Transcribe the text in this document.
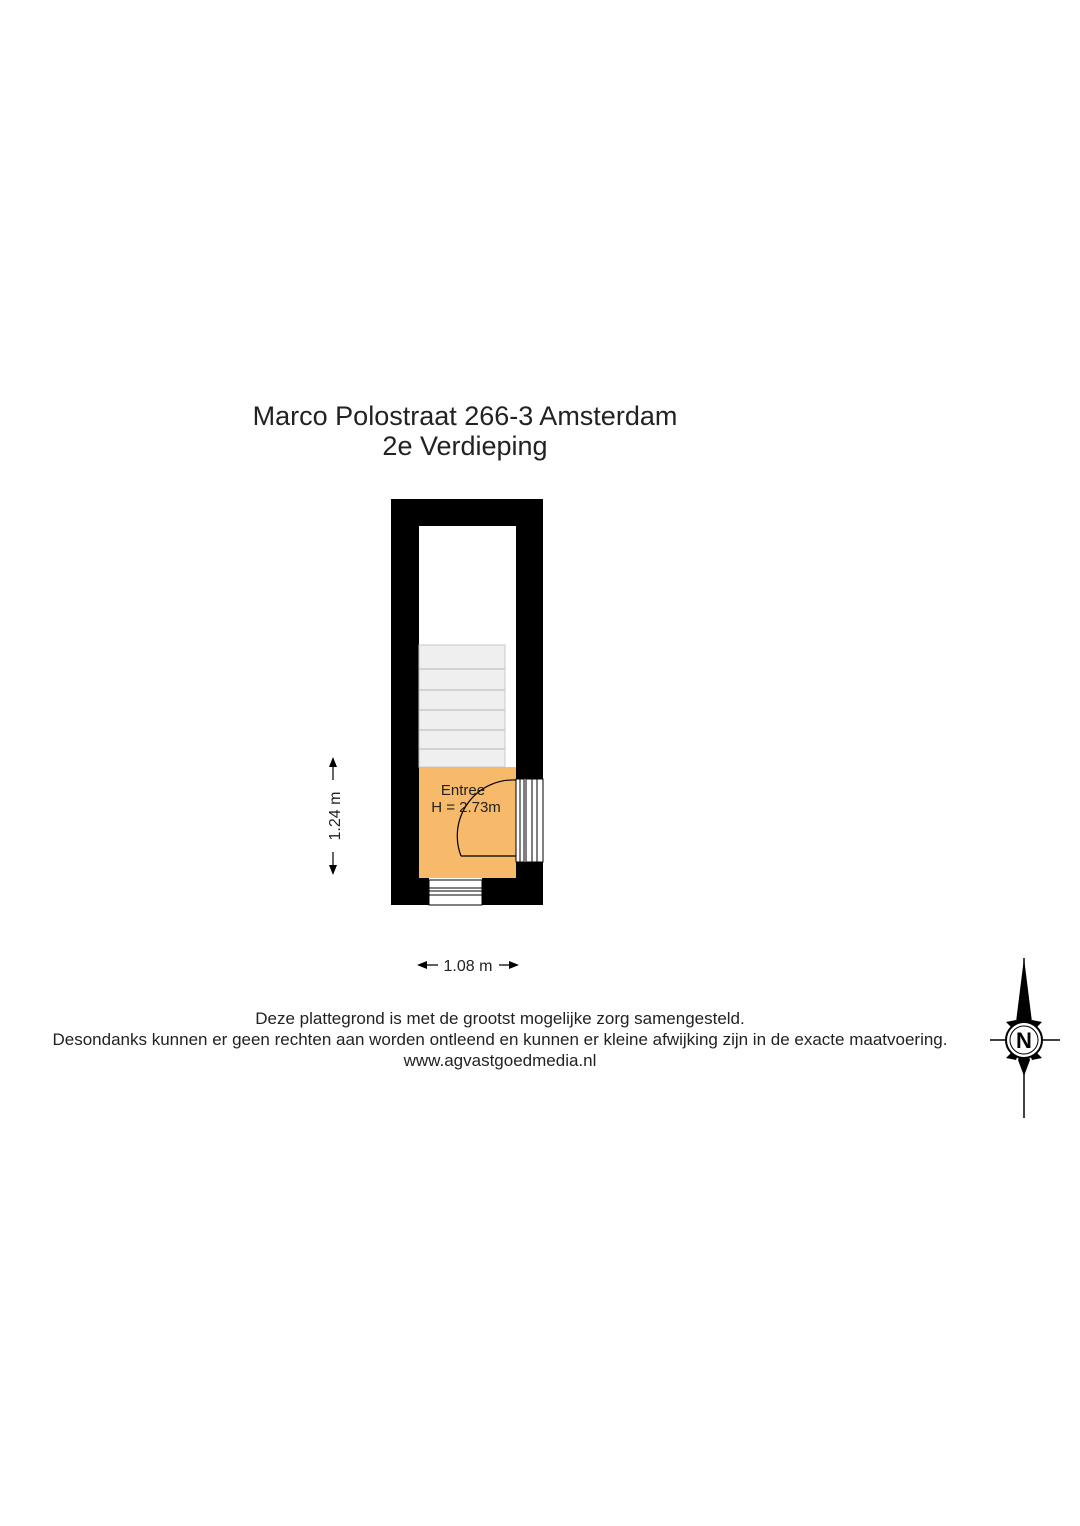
Marco Polostraat 266-3 Amsterdam
2e Verdieping
Entree
H = 2.73m
1.24 m
1.08 m
N
Deze plattegrond is met de grootst mogelijke zorg samengesteld.
Desondanks kunnen er geen rechten aan worden ontleend en kunnen er kleine afwijking zijn in de exacte maatvoering.
www.agvastgoedmedia.nl
